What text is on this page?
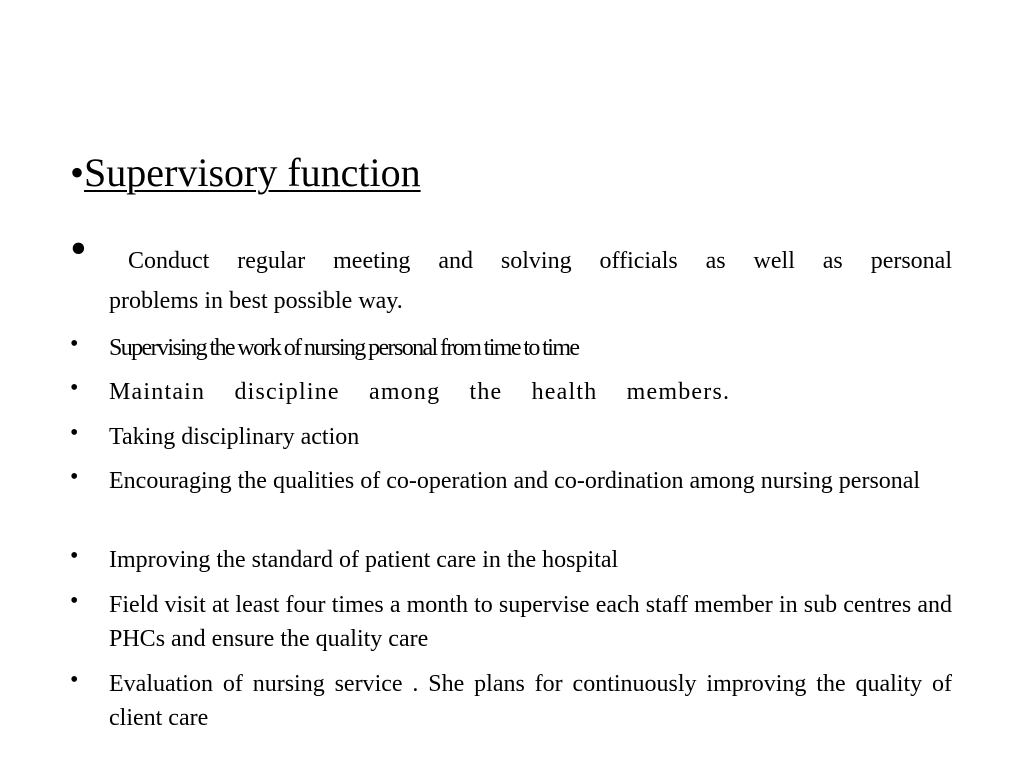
•Supervisory function
•	Conduct regular meeting and solving officials as well as personal
problems in best possible way.
•	Supervising the work of nursing personal from time to time
•	Maintain discipline among the health members.
•	Taking disciplinary action
•	Encouraging the qualities of co-operation and co-ordination among nursing personal
•	Improving the standard of patient care in the hospital
•	Field visit at least four times a month to supervise each staff member in sub centres and PHCs and ensure the quality care
•	Evaluation of nursing service . She plans for continuously improving the quality of client care
